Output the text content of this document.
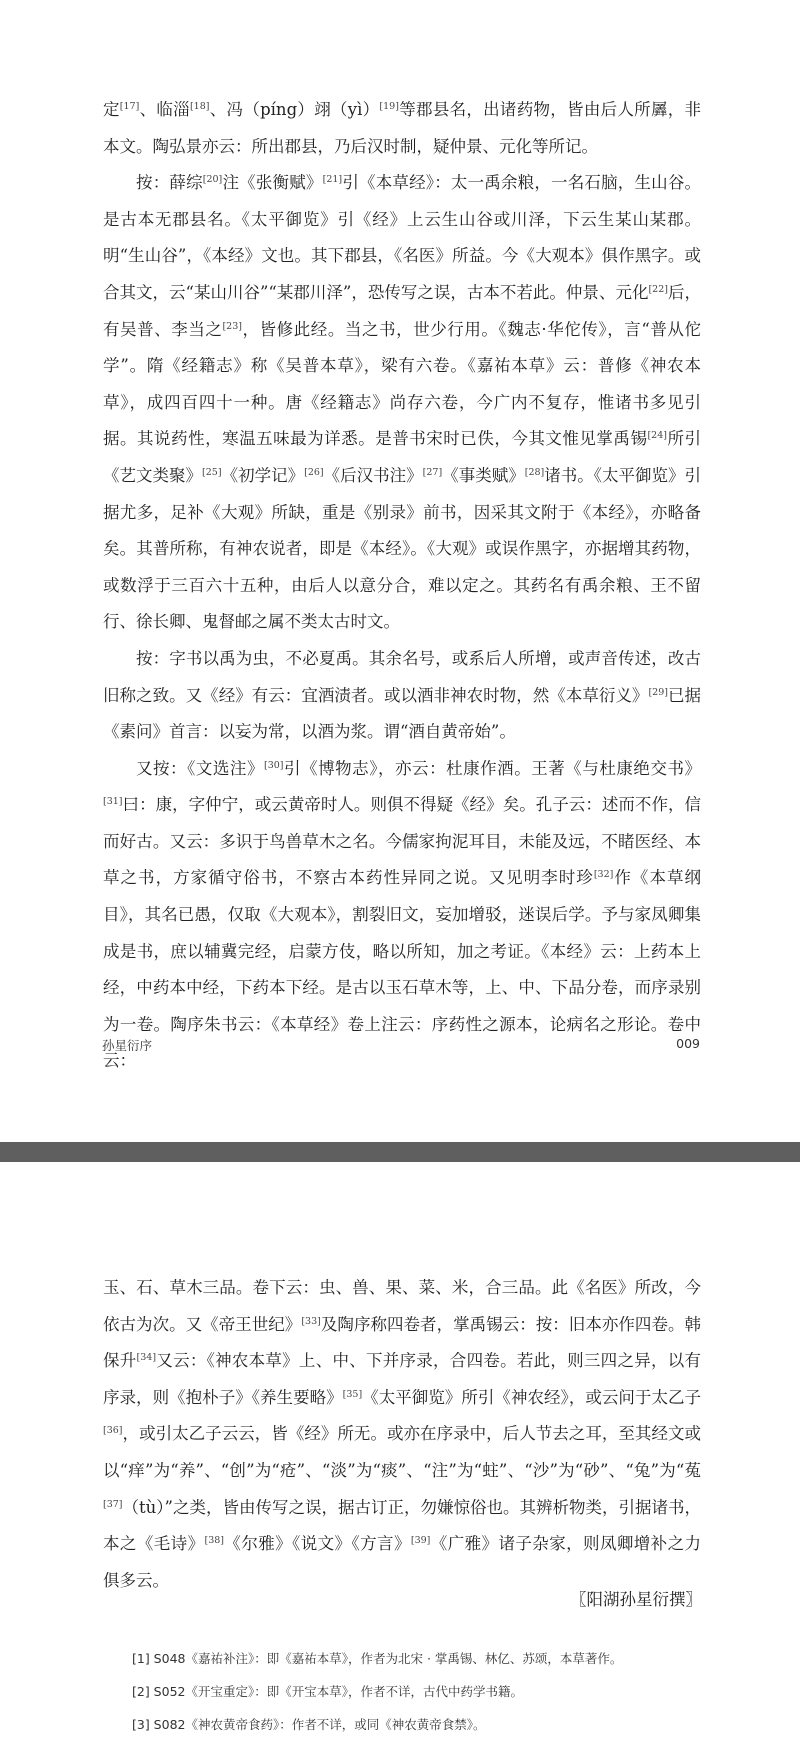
定[17]、临淄[18]、冯（píng）翊（yì）[19]等郡县名，出诸药物，皆由后人所羼，非本文。陶弘景亦云：所出郡县，乃后汉时制，疑仲景、元化等所记。

按：薛综[20]注《张衡赋》[21]引《本草经》：太一禹余粮，一名石脑，生山谷。是古本无郡县名。《太平御览》引《经》上云生山谷或川泽，下云生某山某郡。明“生山谷”，《本经》文也。其下郡县，《名医》所益。今《大观本》俱作黑字。或合其文，云“某山川谷”“某郡川泽”，恐传写之误，古本不若此。仲景、元化[22]后，有吴普、李当之[23]，皆修此经。当之书，世少行用。《魏志·华佗传》，言“普从佗学”。隋《经籍志》称《吴普本草》，梁有六卷。《嘉祐本草》云：普修《神农本草》，成四百四十一种。唐《经籍志》尚存六卷，今广内不复存，惟诸书多见引据。其说药性，寒温五味最为详悉。是普书宋时已佚，今其文惟见掌禹锡[24]所引《艺文类聚》[25]《初学记》[26]《后汉书注》[27]《事类赋》[28]诸书。《太平御览》引据尤多，足补《大观》所缺，重是《别录》前书，因采其文附于《本经》，亦略备矣。其普所称，有神农说者，即是《本经》。《大观》或误作黑字，亦据增其药物，或数浮于三百六十五种，由后人以意分合，难以定之。其药名有禹余粮、王不留行、徐长卿、鬼督邮之属不类太古时文。

按：字书以禹为虫，不必夏禹。其余名号，或系后人所增，或声音传述，改古旧称之致。又《经》有云：宜酒渍者。或以酒非神农时物，然《本草衍义》[29]已据《素问》首言：以妄为常，以酒为浆。谓“酒自黄帝始”。

又按：《文选注》[30]引《博物志》，亦云：杜康作酒。王著《与杜康绝交书》[31]曰：康，字仲宁，或云黄帝时人。则俱不得疑《经》矣。孔子云：述而不作，信而好古。又云：多识于鸟兽草木之名。今儒家拘泥耳目，未能及远，不睹医经、本草之书，方家循守俗书，不察古本药性异同之说。又见明李时珍[32]作《本草纲目》，其名已愚，仅取《大观本》，割裂旧文，妄加增驳，迷误后学。予与家凤卿集成是书，庶以辅冀完经，启蒙方伎，略以所知，加之考证。《本经》云：上药本上经，中药本中经，下药本下经。是古以玉石草木等，上、中、下品分卷，而序录别为一卷。陶序朱书云：《本草经》卷上注云：序药性之源本，论病名之形论。卷中云：

孙星衍序	009

玉、石、草木三品。卷下云：虫、兽、果、菜、米，合三品。此《名医》所改，今依古为次。又《帝王世纪》[33]及陶序称四卷者，掌禹锡云：按：旧本亦作四卷。韩保升[34]又云：《神农本草》上、中、下并序录，合四卷。若此，则三四之异，以有序录，则《抱朴子》《养生要略》[35]《太平御览》所引《神农经》，或云问于太乙子[36]，或引太乙子云云，皆《经》所无。或亦在序录中，后人节去之耳，至其经文或以“痒”为“养”、“创”为“疮”、“淡”为“痰”、“注”为“蛀”、“沙”为“砂”、“兔”为“菟[37]（tù）”之类，皆由传写之误，据古订正，勿嫌惊俗也。其辨析物类，引据诸书，本之《毛诗》[38]《尔雅》《说文》《方言》[39]《广雅》诸子杂家，则凤卿增补之力俱多云。

〖阳湖孙星衍撰〗
[1] S048《嘉祐补注》：即《嘉祐本草》，作者为北宋 · 掌禹锡、林亿、苏颂，本草著作。
[2] S052《开宝重定》：即《开宝本草》，作者不详，古代中药学书籍。
[3] S082《神农黄帝食药》：作者不详，或同《神农黄帝食禁》。
